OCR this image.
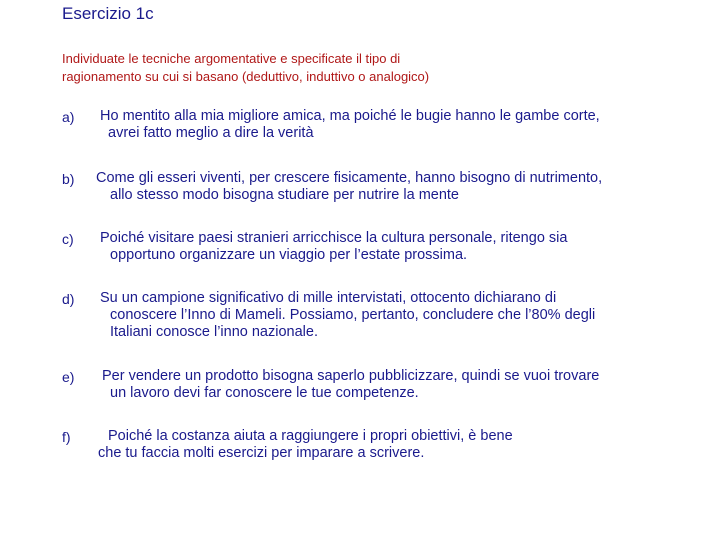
Esercizio 1c
Individuate le tecniche argomentative e specificate il tipo di
ragionamento su cui si basano (deduttivo, induttivo o analogico)
a) Ho mentito alla mia migliore amica, ma poiché le bugie hanno le gambe corte,
avrei fatto meglio a dire la verità
b) Come gli esseri viventi, per crescere fisicamente, hanno bisogno di nutrimento,
allo stesso modo bisogna studiare per nutrire la mente
c) Poiché visitare paesi stranieri arricchisce la cultura personale, ritengo sia
opportuno organizzare un viaggio per l’estate prossima.
d) Su un campione significativo di mille intervistati, ottocento dichiarano di
conoscere l’Inno di Mameli. Possiamo, pertanto, concludere che l’80% degli
Italiani conosce l’inno nazionale.
e) Per vendere un prodotto bisogna saperlo pubblicizzare, quindi se vuoi trovare
un lavoro devi far conoscere le tue competenze.
f)	Poiché la costanza aiuta a raggiungere i propri obiettivi, è bene
che tu faccia molti esercizi per imparare a scrivere.
